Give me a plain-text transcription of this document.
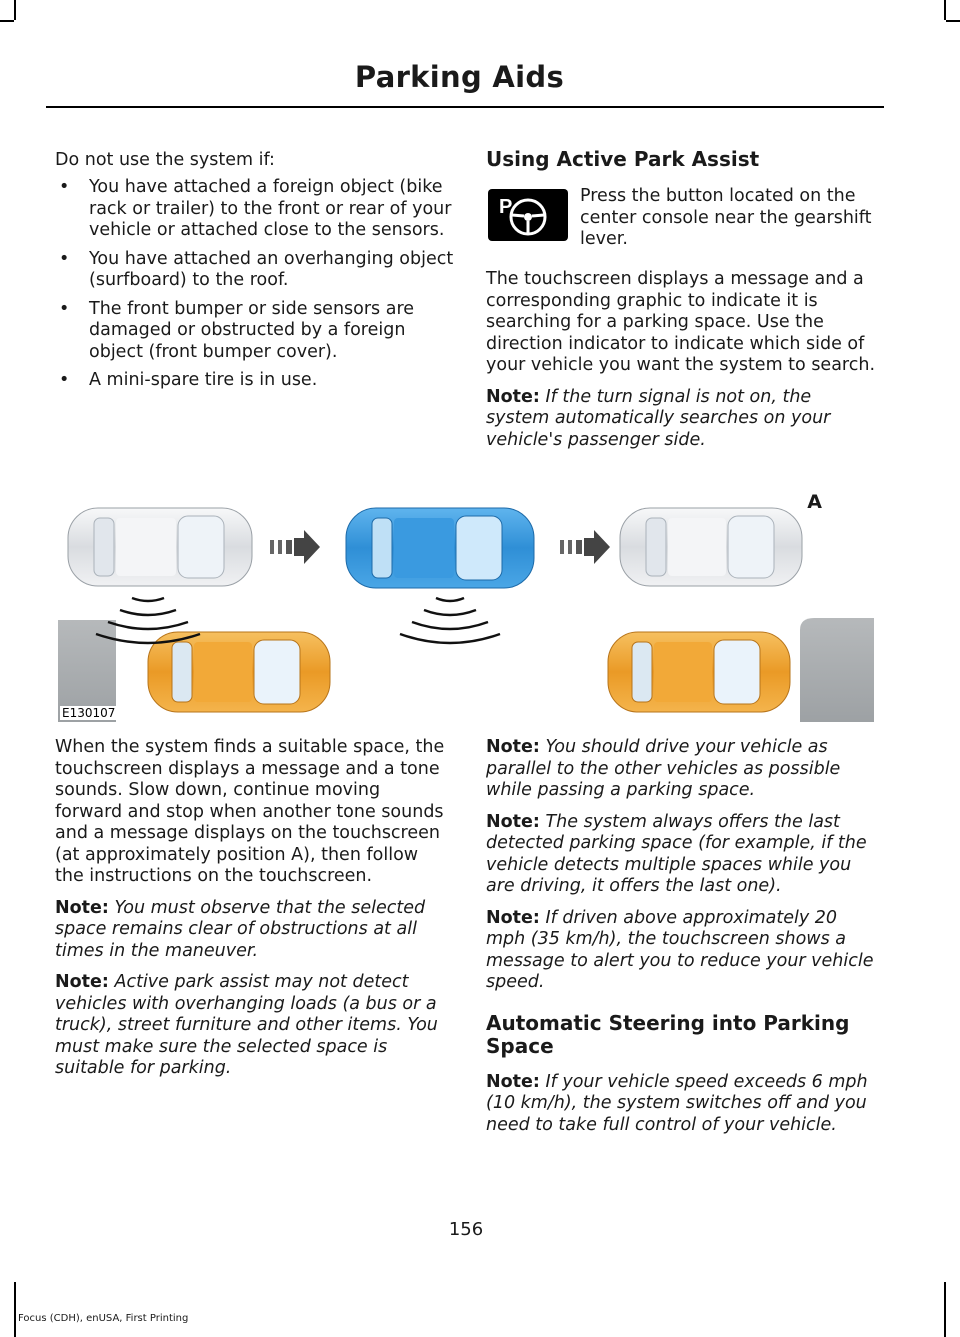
Parking Aids

Do not use the system if:

• You have attached a foreign object (bike rack or trailer) to the front or rear of your vehicle or attached close to the sensors.
• You have attached an overhanging object (surfboard) to the roof.
• The front bumper or side sensors are damaged or obstructed by a foreign object (front bumper cover).
• A mini-spare tire is in use.
Using Active Park Assist
P	Press the button located on the center console near the gearshift lever.

The touchscreen displays a message and a corresponding graphic to indicate it is searching for a parking space. Use the direction indicator to indicate which side of your vehicle you want the system to search.

Note: If the turn signal is not on, the system automatically searches on your vehicle's passenger side.

A
E130107

When the system finds a suitable space, the touchscreen displays a message and a tone sounds. Slow down, continue moving forward and stop when another tone sounds and a message displays on the touchscreen (at approximately position A), then follow the instructions on the touchscreen.

Note: You must observe that the selected space remains clear of obstructions at all times in the maneuver.

Note: Active park assist may not detect vehicles with overhanging loads (a bus or a truck), street furniture and other items. You must make sure the selected space is suitable for parking.

Note: You should drive your vehicle as parallel to the other vehicles as possible while passing a parking space.

Note: The system always offers the last detected parking space (for example, if the vehicle detects multiple spaces while you are driving, it offers the last one).

Note: If driven above approximately 20 mph (35 km/h), the touchscreen shows a message to alert you to reduce your vehicle speed.

Automatic Steering into Parking Space

Note: If your vehicle speed exceeds 6 mph (10 km/h), the system switches off and you need to take full control of your vehicle.

156
Focus (CDH), enUSA, First Printing
